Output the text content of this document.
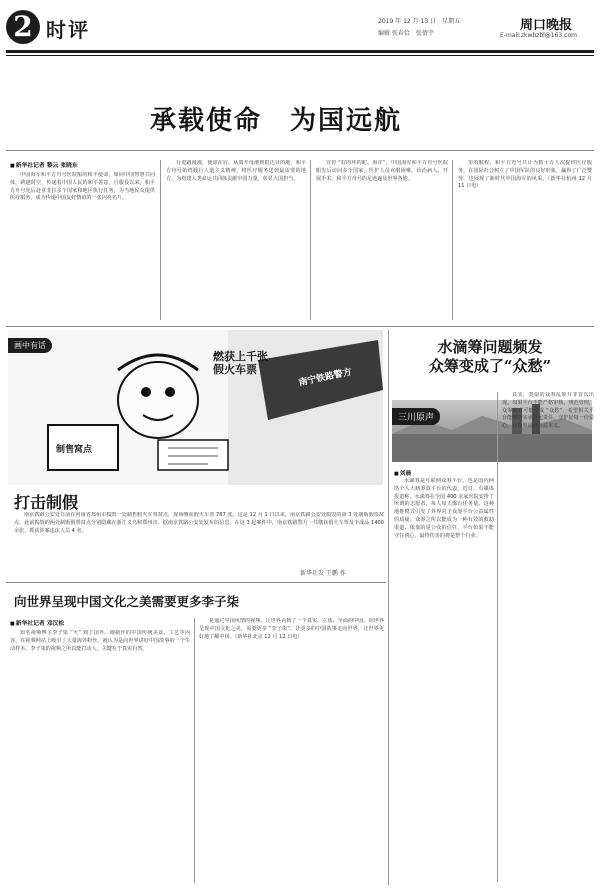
2 时评	2019 年 12 月 13 日　星期五
编辑 张春恰　张倩宇
周口晚报
E-mail:zkwbzbl@163.com
承载使命　为国远航
■ 新华社记者 黎云 张晓东
中国海军和平方舟号医院船的和平使命，如同中国智慧共同体，跨越时空，传递着中国人民的和平善意。自服役以来，和平方舟号先后赴亚非拉多个国家和地区执行任务，为当地民众提供医疗服务，成为传递中国友好情谊的一张闪亮名片。
行进路漫漫，使命在肩。从离开母港到抵达目的地，和平方舟号始终践行人道主义精神，将医疗服务送到最需要的地方，为构建人类命运共同体贡献中国力量，彰显大国担当。
宣传 “好的坏的蛇、海洋”，中国海军和平方舟号医院船先后访问多个国家，医护人员克服困难，诊治病人、开展手术，和平方舟号的足迹遍及世界各地。
里的航程，和平方舟号共计为数十万人次提供医疗服务，在国际社会树立了中国军队的良好形象，赢得了广泛赞誉，也展现了新时代中国海军的风采。（新华社杭州 12 月 11 日电）
画中有话
燃获上千张
假火车票
制售窝点
南宁铁路警方
打击制假
南京铁路公安处日前在河南省郑州市捣毁一处制售假火车票窝点，现场缴获假火车票 787 张。这是 12 月 1 日以来，南京铁路公安处捣毁的第 3 处制贩假票窝点。此前捣毁的两处制贩假票窝点分别隐藏在浙江义乌和郑州市。据南京铁路公安处发布的信息，在这 3 起案件中，南京铁路警方一共缴获假火车票及半成品 1400 余张，抓获涉案违法人员 4 名。
新华社发 王鹏 作
水滴筹问题频发
众筹变成了“众愁”
三川原声
■ 刘晨
水滴筹是互联网众筹平台，也是国内网络个人大病筹款平台的代表。近日，有媒体报道称，水滴筹在全国 400 余家医院安排了所谓的志愿者，每人每天都有任务量。这种地推模式引发了外界对于众筹平台公益属性的质疑。众筹之所以能成为一种有效的救助渠道，依靠的是公众的信任，平台如果不能守住初心，最终伤害的将是整个行业。
其实，类似的众筹乱象并非首次出现。如果平台不能严格审核，规范管理，众筹就有可能变成 “众愁”。希望相关平台能够切实承担起责任，守护好每一份爱心，让众筹回归公益本义。
向世界呈现中国文化之美需要更多李子柒
■ 新华社记者 邓汉松
知名视频博主李子柒 “火” 到了国外。她制作的中国传统美食、工艺等内容，在视频网站上吸引了大量海外粉丝，被认为是向世界讲好中国故事的一个生动样本。李子柒的视频之所以能打动人，关键在于真实自然。
是通过中国风情的视频，让世界看到了一个真实、立体、全面的中国。向世界呈现中国文化之美，需要更多 “李子柒”。让更多的中国故事走向世界，让世界更好地了解中国。（新华社北京 12 月 12 日电）
